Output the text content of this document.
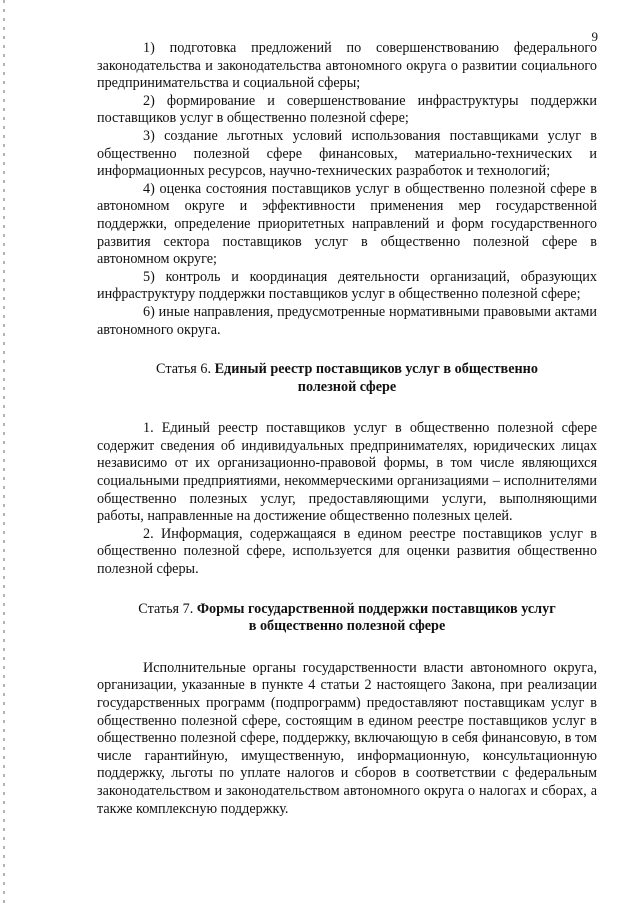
9

1) подготовка предложений по совершенствованию федерального законодательства и законодательства автономного округа о развитии социального предпринимательства и социальной сферы;

2) формирование и совершенствование инфраструктуры поддержки поставщиков услуг в общественно полезной сфере;

3) создание льготных условий использования поставщиками услуг в общественно полезной сфере финансовых, материально-технических и информационных ресурсов, научно-технических разработок и технологий;

4) оценка состояния поставщиков услуг в общественно полезной сфере в автономном округе и эффективности применения мер государственной поддержки, определение приоритетных направлений и форм государственного развития сектора поставщиков услуг в общественно полезной сфере в автономном округе;

5) контроль и координация деятельности организаций, образующих инфраструктуру поддержки поставщиков услуг в общественно полезной сфере;

6) иные направления, предусмотренные нормативными правовыми актами автономного округа.

Статья 6. Единый реестр поставщиков услуг в общественно
полезной сфере

1. Единый реестр поставщиков услуг в общественно полезной сфере содержит сведения об индивидуальных предпринимателях, юридических лицах независимо от их организационно-правовой формы, в том числе являющихся социальными предприятиями, некоммерческими организациями – исполнителями общественно полезных услуг, предоставляющими услуги, выполняющими работы, направленные на достижение общественно полезных целей.

2. Информация, содержащаяся в едином реестре поставщиков услуг в общественно полезной сфере, используется для оценки развития общественно полезной сферы.

Статья 7. Формы государственной поддержки поставщиков услуг
в общественно полезной сфере

Исполнительные органы государственности власти автономного округа, организации, указанные в пункте 4 статьи 2 настоящего Закона, при реализации государственных программ (подпрограмм) предоставляют поставщикам услуг в общественно полезной сфере, состоящим в едином реестре поставщиков услуг в общественно полезной сфере, поддержку, включающую в себя финансовую, в том числе гарантийную, имущественную, информационную, консультационную поддержку, льготы по уплате налогов и сборов в соответствии с федеральным законодательством и законодательством автономного округа о налогах и сборах, а также комплексную поддержку.
